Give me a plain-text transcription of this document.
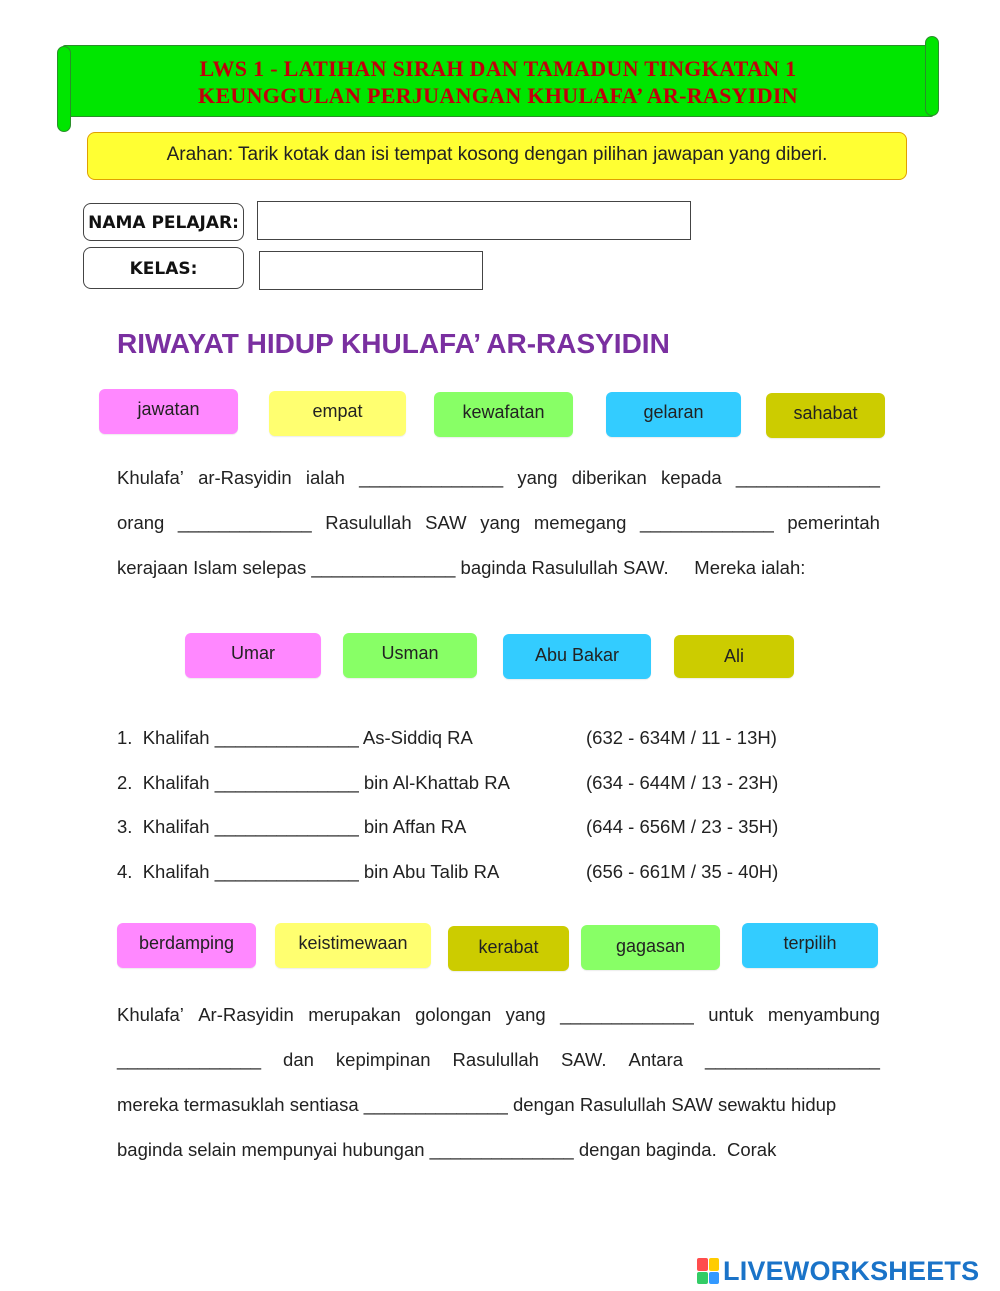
LWS 1 - LATIHAN SIRAH DAN TAMADUN TINGKATAN 1
KEUNGGULAN PERJUANGAN KHULAFA’ AR-RASYIDIN
Arahan: Tarik kotak dan isi tempat kosong dengan pilihan jawapan yang diberi.
NAMA PELAJAR:
KELAS:
RIWAYAT HIDUP KHULAFA’ AR-RASYIDIN
jawatan	empat	kewafatan	gelaran	sahabat
Khulafa’ ar-Rasyidin ialah ______________ yang diberikan kepada ______________
orang _____________ Rasulullah SAW yang memegang _____________ pemerintah
kerajaan Islam selepas ______________ baginda Rasulullah SAW.     Mereka ialah:
Umar	Usman	Abu Bakar	Ali
1.  Khalifah ______________ As-Siddiq RA	(632 - 634M / 11 - 13H)
2.  Khalifah ______________ bin Al-Khattab RA	(634 - 644M / 13 - 23H)
3.  Khalifah ______________ bin Affan RA	(644 - 656M / 23 - 35H)
4.  Khalifah ______________ bin Abu Talib RA	(656 - 661M / 35 - 40H)
berdamping	keistimewaan	kerabat	gagasan	terpilih
Khulafa’ Ar-Rasyidin merupakan golongan yang _____________ untuk menyambung
______________ dan kepimpinan Rasulullah SAW. Antara _________________
mereka termasuklah sentiasa ______________ dengan Rasulullah SAW sewaktu hidup
baginda selain mempunyai hubungan ______________ dengan baginda.  Corak
LIVEWORKSHEETS
